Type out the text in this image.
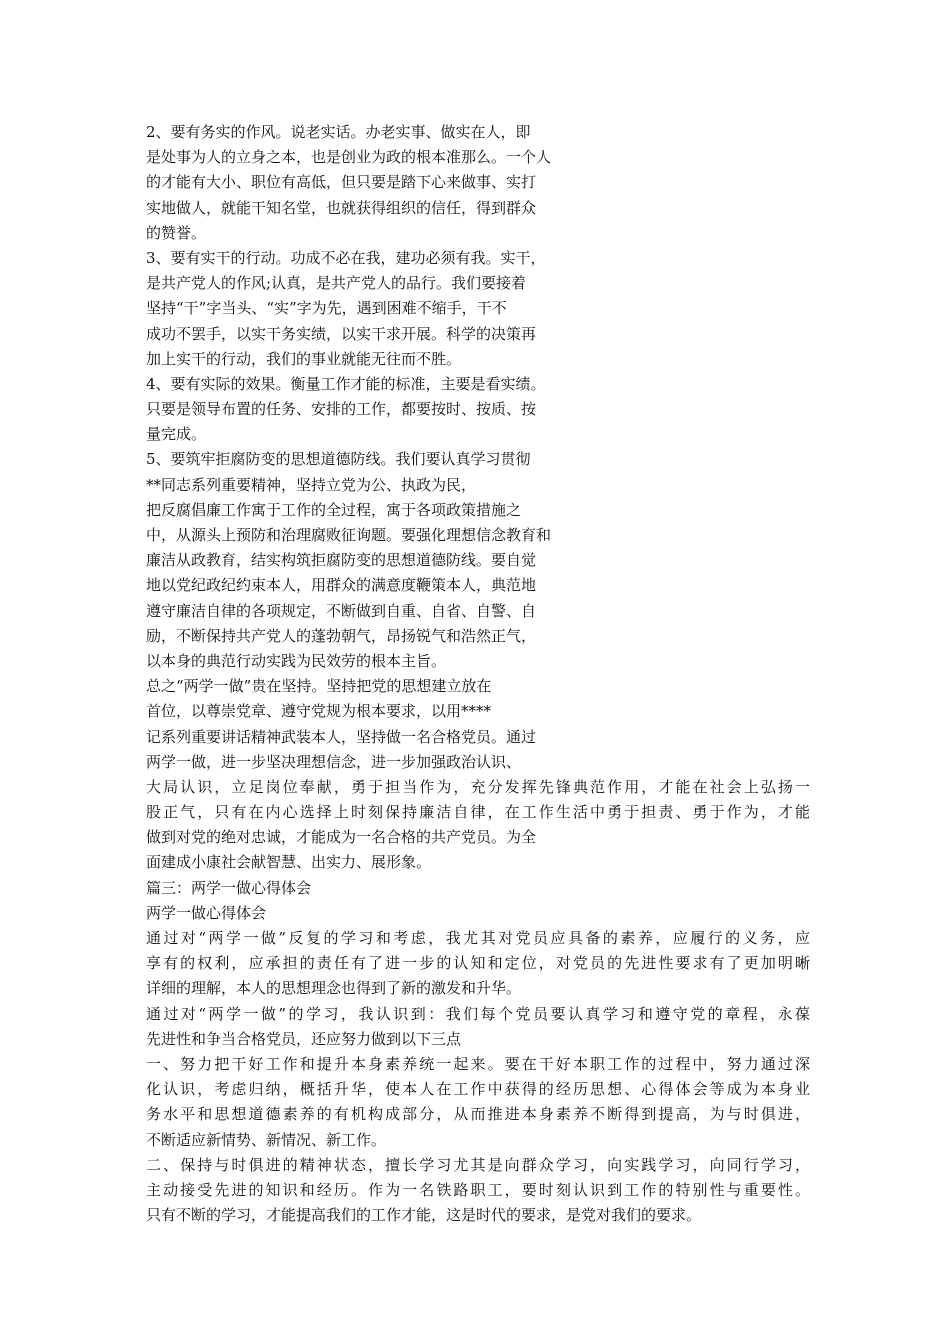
2、要有务实的作风。说老实话。办老实事、做实在人，即
是处事为人的立身之本，也是创业为政的根本准那么。一个人
的才能有大小、职位有高低，但只要是踏下心来做事、实打
实地做人，就能干知名堂，也就获得组织的信任，得到群众
的赞誉。
3、要有实干的行动。功成不必在我，建功必须有我。实干，
是共产党人的作风;认真，是共产党人的品行。我们要接着
坚持“干”字当头、“实”字为先，遇到困难不缩手，干不
成功不罢手，以实干务实绩，以实干求开展。科学的决策再
加上实干的行动，我们的事业就能无往而不胜。
4、要有实际的效果。衡量工作才能的标准，主要是看实绩。
只要是领导布置的任务、安排的工作，都要按时、按质、按
量完成。
5、要筑牢拒腐防变的思想道德防线。我们要认真学习贯彻
**同志系列重要精神，坚持立党为公、执政为民，
把反腐倡廉工作寓于工作的全过程，寓于各项政策措施之
中，从源头上预防和治理腐败征询题。要强化理想信念教育和
廉洁从政教育，结实构筑拒腐防变的思想道德防线。要自觉
地以党纪政纪约束本人，用群众的满意度鞭策本人，典范地
遵守廉洁自律的各项规定，不断做到自重、自省、自警、自
励，不断保持共产党人的蓬勃朝气，昂扬锐气和浩然正气，
以本身的典范行动实践为民效劳的根本主旨。
总之“两学一做”贵在坚持。坚持把党的思想建立放在
首位，以尊崇党章、遵守党规为根本要求，以用****
记系列重要讲话精神武装本人，坚持做一名合格党员。通过
两学一做，进一步坚决理想信念，进一步加强政治认识、
大局认识，立足岗位奉献，勇于担当作为，充分发挥先锋典范作用，才能在社会上弘扬一
股正气，只有在内心选择上时刻保持廉洁自律，在工作生活中勇于担责、勇于作为，才能
做到对党的绝对忠诚，才能成为一名合格的共产党员。为全
面建成小康社会献智慧、出实力、展形象。
篇三：两学一做心得体会
两学一做心得体会
通过对“两学一做”反复的学习和考虑，我尤其对党员应具备的素养，应履行的义务，应
享有的权利，应承担的责任有了进一步的认知和定位，对党员的先进性要求有了更加明晰
详细的理解，本人的思想理念也得到了新的激发和升华。
通过对“两学一做”的学习，我认识到：我们每个党员要认真学习和遵守党的章程，永葆
先进性和争当合格党员，还应努力做到以下三点
一、努力把干好工作和提升本身素养统一起来。要在干好本职工作的过程中，努力通过深
化认识，考虑归纳，概括升华，使本人在工作中获得的经历思想、心得体会等成为本身业
务水平和思想道德素养的有机构成部分，从而推进本身素养不断得到提高，为与时俱进，
不断适应新情势、新情况、新工作。
二、保持与时俱进的精神状态，擅长学习尤其是向群众学习，向实践学习，向同行学习，
主动接受先进的知识和经历。作为一名铁路职工，要时刻认识到工作的特别性与重要性。
只有不断的学习，才能提高我们的工作才能，这是时代的要求，是党对我们的要求。
